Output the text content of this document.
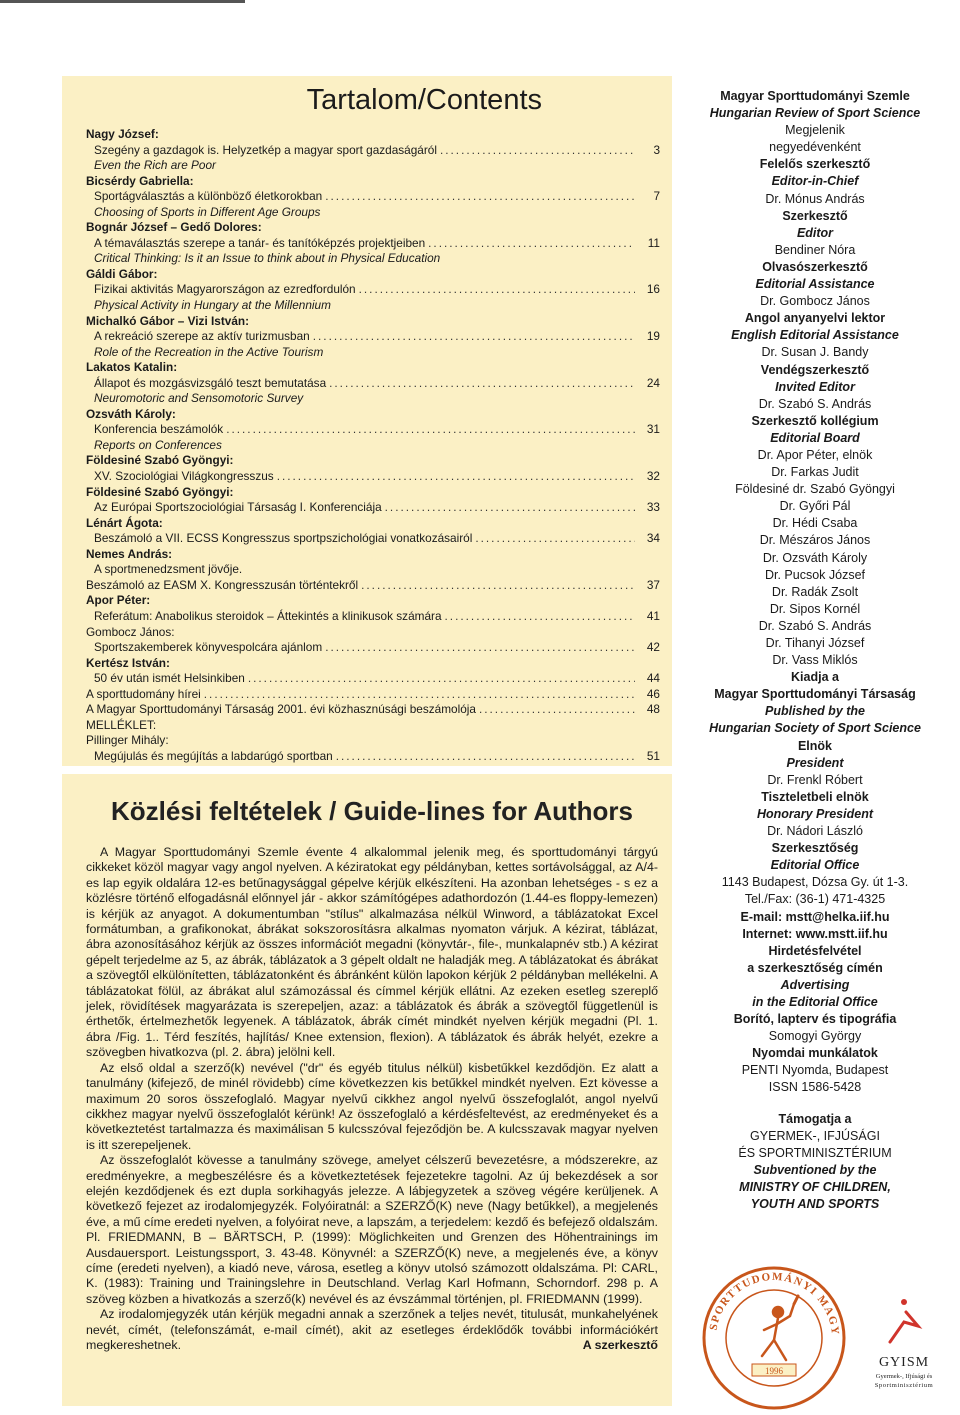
Tartalom/Contents
Nagy József:
Szegény a gazdagok is. Helyzetkép a magyar sport gazdaságáról .....	3
Even the Rich are Poor
Bicsérdy Gabriella:
Sportágválasztás a különböző életkorokban .....	7
Choosing of Sports in Different Age Groups
Bognár József – Gedő Dolores:
A témaválasztás szerepe a tanár- és tanítóképzés projektjeiben .....	11
Critical Thinking: Is it an Issue to think about in Physical Education
Gáldi Gábor:
Fizikai aktivitás Magyarországon az ezredfordulón .....	16
Physical Activity in Hungary at the Millennium
Michalkó Gábor – Vizi István:
A rekreáció szerepe az aktív turizmusban .....	19
Role of the Recreation in the Active Tourism
Lakatos Katalin:
Állapot és mozgásvizsgáló teszt bemutatása .....	24
Neuromotoric and Sensomotoric Survey
Ozsváth Károly:
Konferencia beszámolók .....	31
Reports on Conferences
Földesiné Szabó Gyöngyi:
XV. Szociológiai Világkongresszus .....	32
Földesiné Szabó Gyöngyi:
Az Európai Sportszociológiai Társaság I. Konferenciája .....	33
Lénárt Ágota:
Beszámoló a VII. ECSS Kongresszus sportpszichológiai vonatkozásairól .....	34
Nemes András:
A sportmenedzsment jövője.
Beszámoló az EASM X. Kongresszusán történtekről .....	37
Apor Péter:
Referátum: Anabolikus steroidok – Áttekintés a klinikusok számára .....	41
Gombocz János:
Sportszakemberek könyvespolcára ajánlom .....	42
Kertész István:
50 év után ismét Helsinkiben .....	44
A sporttudomány hírei .....	46
A Magyar Sporttudományi Társaság 2001. évi közhasznúsági beszámolója .....	48
MELLÉKLET:
Pillinger Mihály:
Megújulás és megújítás a labdarúgó sportban .....	51
Közlési feltételek / Guide-lines for Authors

A Magyar Sporttudományi Szemle évente 4 alkalommal jelenik meg, és sporttudományi tárgyú cikkeket közöl magyar vagy angol nyelven. A kéziratokat egy példányban, kettes sortávolsággal, az A/4-es lap egyik oldalára 12-es betűnagysággal gépelve kérjük elkészíteni. Ha azonban lehetséges - s ez a közlésre történő elfogadásnál előnnyel jár - akkor számítógépes adathordozón (1.44-es floppy-lemezen) is kérjük az anyagot. A dokumentumban "stílus" alkalmazása nélkül Winword, a táblázatokat Excel formátumban, a grafikonokat, ábrákat sokszorosításra alkalmas nyomaton várjuk. A kézirat, táblázat, ábra azonosításához kérjük az összes információt megadni (könyvtár-, file-, munkalapnév stb.) A kézirat gépelt terjedelme az 5, az ábrák, táblázatok a 3 gépelt oldalt ne haladják meg. A táblázatokat és ábrákat a szövegtől elkülönítetten, táblázatonként és ábránként külön lapokon kérjük 2 példányban mellékelni. A táblázatokat fölül, az ábrákat alul számozással és címmel kérjük ellátni. Az ezeken esetleg szereplő jelek, rövidítések magyarázata is szerepeljen, azaz: a táblázatok és ábrák a szövegtől függetlenül is érthetők, értelmezhetők legyenek. A táblázatok, ábrák címét mindkét nyelven kérjük megadni (Pl. 1. ábra /Fig. 1.. Térd feszítés, hajlítás/ Knee extension, flexion). A táblázatok és ábrák helyét, ezekre a szövegben hivatkozva (pl. 2. ábra) jelölni kell.

Az első oldal a szerző(k) nevével ("dr" és egyéb titulus nélkül) kisbetűkkel kezdődjön. Ez alatt a tanulmány (kifejező, de minél rövidebb) címe következzen kis betűkkel mindkét nyelven. Ezt kövesse a maximum 20 soros összefoglaló. Magyar nyelvű cikkhez angol nyelvű összefoglalót, angol nyelvű cikkhez magyar nyelvű összefoglalót kérünk! Az összefoglaló a kérdésfeltevést, az eredményeket és a következtetést tartalmazza és maximálisan 5 kulcsszóval fejeződjön be. A kulcsszavak magyar nyelven is itt szerepeljenek.

Az összefoglalót kövesse a tanulmány szövege, amelyet célszerű bevezetésre, a módszerekre, az eredményekre, a megbeszélésre és a következtetések fejezetekre tagolni. Az új bekezdések a sor elején kezdődjenek és ezt dupla sorkihagyás jelezze. A lábjegyzetek a szöveg végére kerüljenek. A következő fejezet az irodalomjegyzék. Folyóiratnál: a SZERZŐ(K) neve (Nagy betűkkel), a megjelenés éve, a mű címe eredeti nyelven, a folyóirat neve, a lapszám, a terjedelem: kezdő és befejező oldalszám. Pl. FRIEDMANN, B – BÄRTSCH, P. (1999): Möglichkeiten und Grenzen des Höhentrainings im Ausdauersport. Leistungssport, 3. 43-48. Könyvnél: a SZERZŐ(K) neve, a megjelenés éve, a könyv címe (eredeti nyelven), a kiadó neve, városa, esetleg a könyv utolsó számozott oldalszáma. Pl: CARL, K. (1983): Training und Trainingslehre in Deutschland. Verlag Karl Hofmann, Schorndorf. 298 p. A szöveg közben a hivatkozás a szerző(k) nevével és az évszámmal történjen, pl. FRIEDMANN (1999).

Az irodalomjegyzék után kérjük megadni annak a szerzőnek a teljes nevét, titulusát, munkahelyének nevét, címét, (telefonszámát, e-mail címét), akit az esetleges érdeklődők további információkért megkereshetnek.	A szerkesztő

Magyar Sporttudományi Szemle
Hungarian Review of Sport Science
Megjelenik
negyedévenként
Felelős szerkesztő
Editor-in-Chief
Dr. Mónus András
Szerkesztő
Editor
Bendiner Nóra
Olvasószerkesztő
Editorial Assistance
Dr. Gombocz János
Angol anyanyelvi lektor
English Editorial Assistance
Dr. Susan J. Bandy
Vendégszerkesztő
Invited Editor
Dr. Szabó S. András
Szerkesztő kollégium
Editorial Board
Dr. Apor Péter, elnök
Dr. Farkas Judit
Földesiné dr. Szabó Gyöngyi
Dr. Győri Pál
Dr. Hédi Csaba
Dr. Mészáros János
Dr. Ozsváth Károly
Dr. Pucsok József
Dr. Radák Zsolt
Dr. Sipos Kornél
Dr. Szabó S. András
Dr. Tihanyi József
Dr. Vass Miklós
Kiadja a
Magyar Sporttudományi Társaság
Published by the
Hungarian Society of Sport Science
Elnök
President
Dr. Frenkl Róbert
Tiszteletbeli elnök
Honorary President
Dr. Nádori László
Szerkesztőség
Editorial Office
1143 Budapest, Dózsa Gy. út 1-3.
Tel./Fax: (36-1) 471-4325
E-mail: mstt@helka.iif.hu
Internet: www.mstt.iif.hu
Hirdetésfelvétel
a szerkesztőség címén
Advertising
in the Editorial Office
Borító, lapterv és tipográfia
Somogyi György
Nyomdai munkálatok
PENTI Nyomda, Budapest
ISSN 1586-5428
Támogatja a
GYERMEK-, IFJÚSÁGI
ÉS SPORTMINISZTÉRIUM
Subventioned by the
MINISTRY OF CHILDREN,
YOUTH AND SPORTS
SPORTTUDOMÁNYI MAGY
1996
GYISM
Gyermek-, Ifjúsági és
Sportminisztérium
